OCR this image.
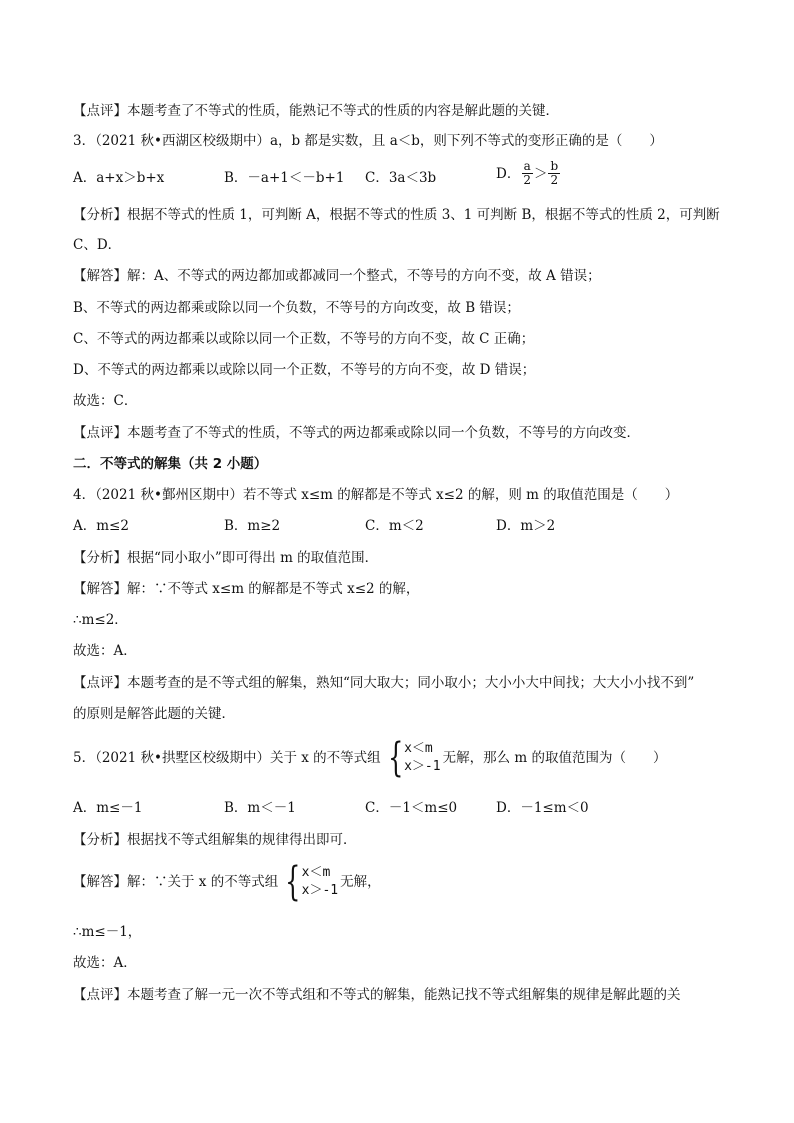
【点评】本题考查了不等式的性质，能熟记不等式的性质的内容是解此题的关键．
3．（2021 秋•西湖区校级期中）a，b 都是实数，且 a＜b，则下列不等式的变形正确的是（　　）
A．a+x＞b+x	B．－a+1＜－b+1 C．3a＜3b	D． $\frac{a}{2} > \frac{b}{2}$
【分析】根据不等式的性质 1，可判断 A，根据不等式的性质 3、1 可判断 B，根据不等式的性质 2，可判断
C、D．
【解答】解：A、不等式的两边都加或都减同一个整式，不等号的方向不变，故 A 错误；
B、不等式的两边都乘或除以同一个负数，不等号的方向改变，故 B 错误；
C、不等式的两边都乘以或除以同一个正数，不等号的方向不变，故 C 正确；
D、不等式的两边都乘以或除以同一个正数，不等号的方向不变，故 D 错误；
故选：C．
【点评】本题考查了不等式的性质，不等式的两边都乘或除以同一个负数，不等号的方向改变．
二．不等式的解集（共 2 小题）
4．（2021 秋•鄞州区期中）若不等式 x≤m 的解都是不等式 x≤2 的解，则 m 的取值范围是（　　）
A．m≤2	B．m≥2	C．m＜2	D．m＞2
【分析】根据“同小取小”即可得出 m 的取值范围．
【解答】解：∵不等式 x≤m 的解都是不等式 x≤2 的解，
∴m≤2．
故选：A．
【点评】本题考查的是不等式组的解集，熟知“同大取大；同小取小；大小小大中间找；大大小小找不到”
的原则是解答此题的关键．
5．（2021 秋•拱墅区校级期中）关于 x 的不等式组 { x＜m
x＞-1
无解，那么 m 的取值范围为（　　）
A．m≤－1	B．m＜－1	C．－1＜m≤0	D．－1≤m＜0
【分析】根据找不等式组解集的规律得出即可．
【解答】 解：∵关于 x 的不等式组 { x＜m
x＞-1
无解，
∴m≤－1，
故选：A．
【点评】本题考查了解一元一次不等式组和不等式的解集，能熟记找不等式组解集的规律是解此题的关
